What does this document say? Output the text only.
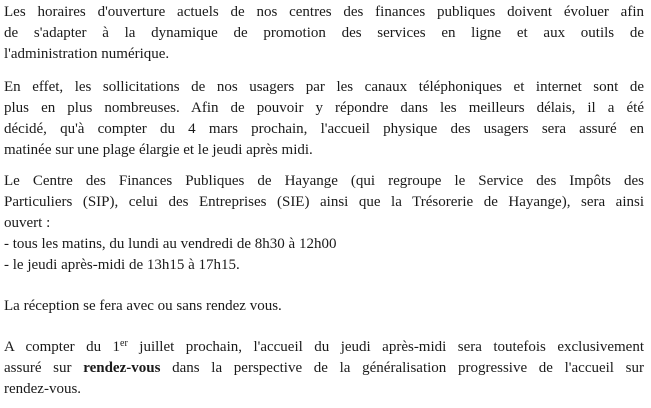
Les horaires d'ouverture actuels de nos centres des finances publiques doivent évoluer afin
de s'adapter à la dynamique de promotion des services en ligne et aux outils de
l'administration numérique.
En effet, les sollicitations de nos usagers par les canaux téléphoniques et internet sont de
plus en plus nombreuses. Afin de pouvoir y répondre dans les meilleurs délais, il a été
décidé, qu'à compter du 4 mars prochain, l'accueil physique des usagers sera assuré en
matinée sur une plage élargie et le jeudi après midi.
Le Centre des Finances Publiques de Hayange (qui regroupe le Service des Impôts des
Particuliers (SIP), celui des Entreprises (SIE) ainsi que la Trésorerie de Hayange), sera ainsi
ouvert :
- tous les matins, du lundi au vendredi de 8h30 à 12h00
- le jeudi après-midi de 13h15 à 17h15.
La réception se fera avec ou sans rendez vous.
A compter du 1er juillet prochain, l'accueil du jeudi après-midi sera toutefois exclusivement
assuré sur rendez-vous dans la perspective de la généralisation progressive de l'accueil sur
rendez-vous.
